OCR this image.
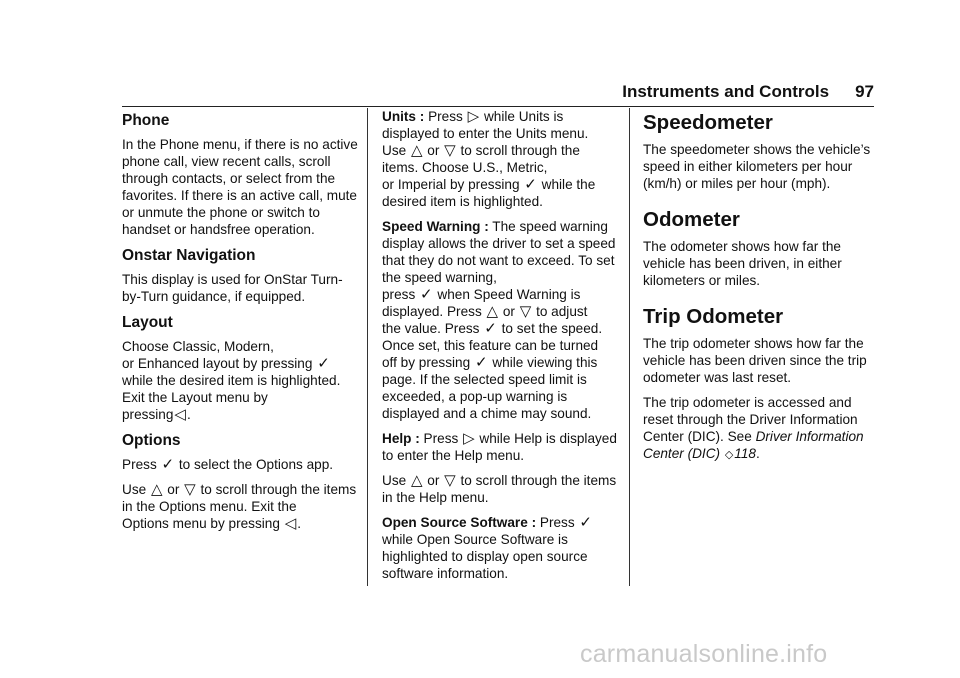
Instruments and Controls 97
Phone

In the Phone menu, if there is no active phone call, view recent calls, scroll through contacts, or select from the favorites. If there is an active call, mute or unmute the phone or switch to handset or handsfree operation.

Onstar Navigation

This display is used for OnStar Turn-by-Turn guidance, if equipped.

Layout

Choose Classic, Modern,
or Enhanced layout by pressing ✓ while the desired item is highlighted. Exit the Layout menu by
pressing◁.

Options

Press ✓ to select the Options app.

Use △ or ▽ to scroll through the items in the Options menu. Exit the
Options menu by pressing ◁.

Units : Press ▷ while Units is displayed to enter the Units menu.
Use △ or ▽ to scroll through the items. Choose U.S., Metric,
or Imperial by pressing ✓ while the desired item is highlighted.

Speed Warning : The speed warning display allows the driver to set a speed that they do not want to exceed. To set the speed warning,
press ✓ when Speed Warning is
displayed. Press △ or ▽ to adjust
the value. Press ✓ to set the speed. Once set, this feature can be turned
off by pressing ✓ while viewing this page. If the selected speed limit is exceeded, a pop-up warning is displayed and a chime may sound.

Help : Press ▷ while Help is displayed to enter the Help menu.

Use △ or ▽ to scroll through the items in the Help menu.

Open Source Software : Press ✓
while Open Source Software is highlighted to display open source software information.

Speedometer

The speedometer shows the vehicle’s speed in either kilometers per hour (km/h) or miles per hour (mph).

Odometer

The odometer shows how far the vehicle has been driven, in either kilometers or miles.

Trip Odometer

The trip odometer shows how far the vehicle has been driven since the trip odometer was last reset.

The trip odometer is accessed and reset through the Driver Information Center (DIC). See Driver Information Center (DIC) ◇118.

carmanualsonline.info
